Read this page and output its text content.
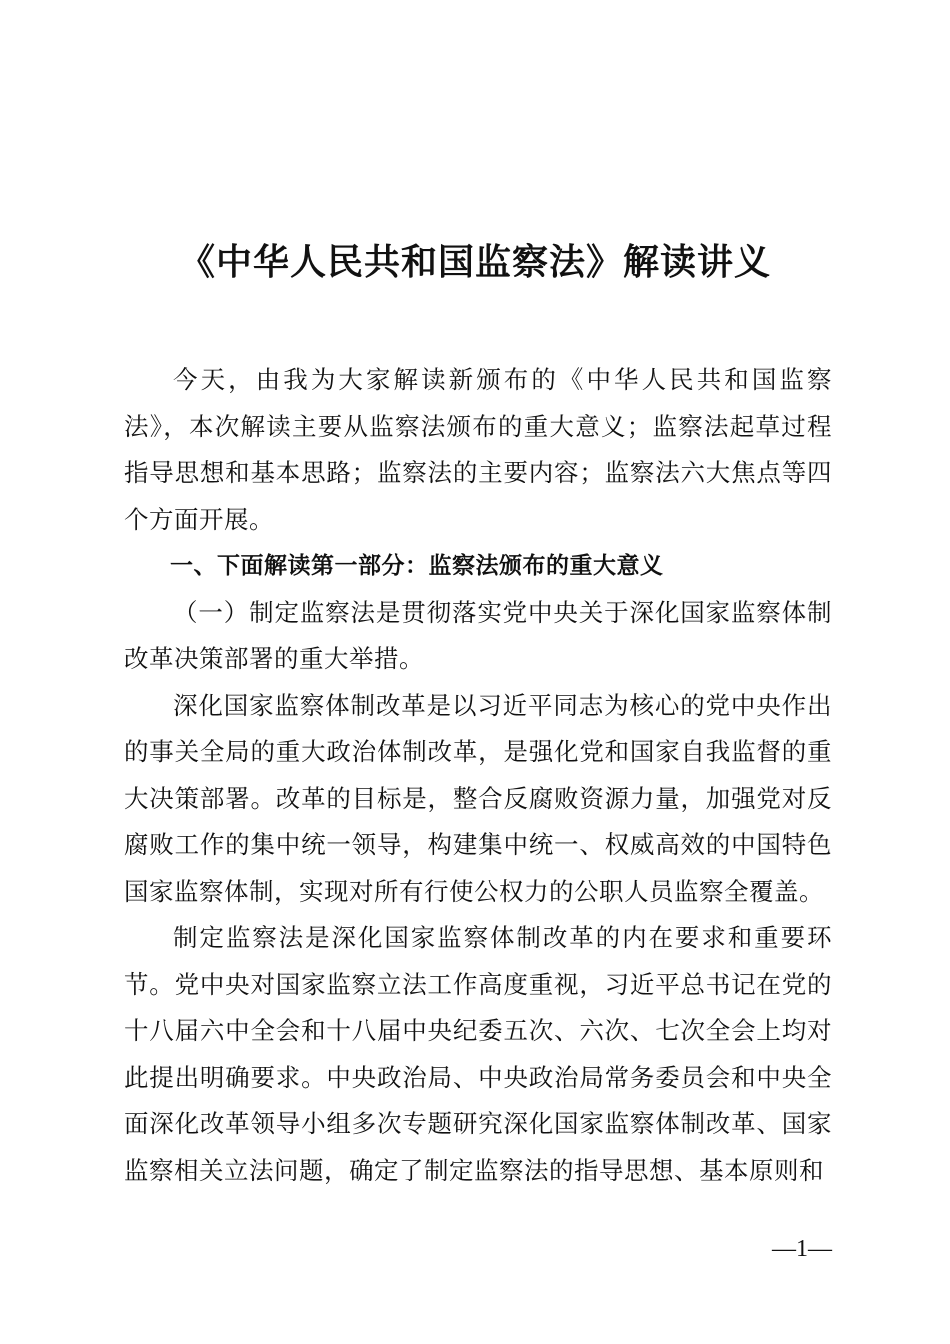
《中华人民共和国监察法》解读讲义

今天，由我为大家解读新颁布的《中华人民共和国监察法》，本次解读主要从监察法颁布的重大意义；监察法起草过程指导思想和基本思路；监察法的主要内容；监察法六大焦点等四个方面开展。

一、下面解读第一部分：监察法颁布的重大意义

（一）制定监察法是贯彻落实党中央关于深化国家监察体制改革决策部署的重大举措。

深化国家监察体制改革是以习近平同志为核心的党中央作出的事关全局的重大政治体制改革，是强化党和国家自我监督的重大决策部署。改革的目标是，整合反腐败资源力量，加强党对反腐败工作的集中统一领导，构建集中统一、权威高效的中国特色国家监察体制，实现对所有行使公权力的公职人员监察全覆盖。

制定监察法是深化国家监察体制改革的内在要求和重要环节。党中央对国家监察立法工作高度重视，习近平总书记在党的十八届六中全会和十八届中央纪委五次、六次、七次全会上均对此提出明确要求。中央政治局、中央政治局常务委员会和中央全面深化改革领导小组多次专题研究深化国家监察体制改革、国家监察相关立法问题，确定了制定监察法的指导思想、基本原则和

—1—
